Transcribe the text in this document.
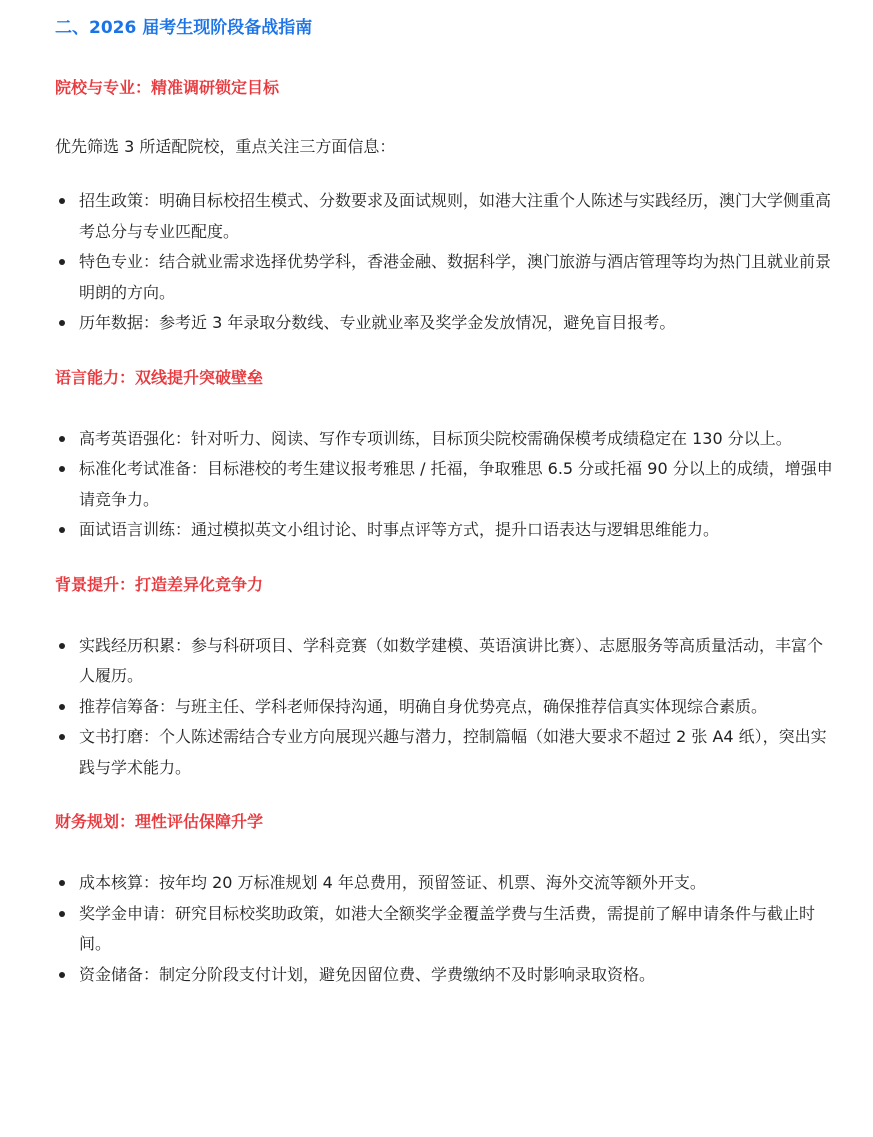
二、2026 届考生现阶段备战指南
院校与专业：精准调研锁定目标

优先筛选 3 所适配院校，重点关注三方面信息：

招生政策：明确目标校招生模式、分数要求及面试规则，如港大注重个人陈述与实践经历，澳门大学侧重高考总分与专业匹配度。
特色专业：结合就业需求选择优势学科，香港金融、数据科学，澳门旅游与酒店管理等均为热门且就业前景明朗的方向。
历年数据：参考近 3 年录取分数线、专业就业率及奖学金发放情况，避免盲目报考。
语言能力：双线提升突破壁垒
高考英语强化：针对听力、阅读、写作专项训练，目标顶尖院校需确保模考成绩稳定在 130 分以上。
标准化考试准备：目标港校的考生建议报考雅思 / 托福，争取雅思 6.5 分或托福 90 分以上的成绩，增强申请竞争力。
面试语言训练：通过模拟英文小组讨论、时事点评等方式，提升口语表达与逻辑思维能力。
背景提升：打造差异化竞争力
实践经历积累：参与科研项目、学科竞赛（如数学建模、英语演讲比赛）、志愿服务等高质量活动，丰富个人履历。
推荐信筹备：与班主任、学科老师保持沟通，明确自身优势亮点，确保推荐信真实体现综合素质。
文书打磨：个人陈述需结合专业方向展现兴趣与潜力，控制篇幅（如港大要求不超过 2 张 A4 纸），突出实践与学术能力。
财务规划：理性评估保障升学
成本核算：按年均 20 万标准规划 4 年总费用，预留签证、机票、海外交流等额外开支。
奖学金申请：研究目标校奖助政策，如港大全额奖学金覆盖学费与生活费，需提前了解申请条件与截止时间。
资金储备：制定分阶段支付计划，避免因留位费、学费缴纳不及时影响录取资格。
